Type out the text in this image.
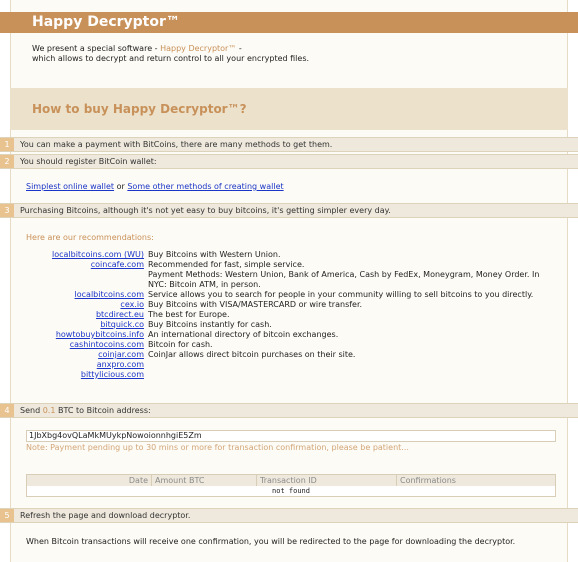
Happy Decryptor™
We present a special software - Happy Decryptor™ -
which allows to decrypt and return control to all your encrypted files.
How to buy Happy Decryptor™?
1	You can make a payment with BitCoins, there are many methods to get them.
2	You should register BitCoin wallet:
Simplest online wallet or Some other methods of creating wallet
3	Purchasing Bitcoins, although it's not yet easy to buy bitcoins, it's getting simpler every day.
Here are our recommendations:
localbitcoins.com (WU) Buy Bitcoins with Western Union.
coincafe.com Recommended for fast, simple service.
Payment Methods: Western Union, Bank of America, Cash by FedEx, Moneygram, Money Order. In
NYC: Bitcoin ATM, in person.
localbitcoins.com Service allows you to search for people in your community willing to sell bitcoins to you directly.
cex.io Buy Bitcoins with VISA/MASTERCARD or wire transfer.
btcdirect.eu The best for Europe.
bitquick.co Buy Bitcoins instantly for cash.
howtobuybitcoins.info An international directory of bitcoin exchanges.
cashintocoins.com Bitcoin for cash.
coinjar.com CoinJar allows direct bitcoin purchases on their site.
anxpro.com
bittylicious.com
4	Send 0.1 BTC to Bitcoin address:
1JbXbg4ovQLaMkMUykpNowoionnhgiE5Zm
Note: Payment pending up to 30 mins or more for transaction confirmation, please be patient...
Date Amount BTC	Transaction ID	Confirmations
not found
5	Refresh the page and download decryptor.
When Bitcoin transactions will receive one confirmation, you will be redirected to the page for downloading the decryptor.
